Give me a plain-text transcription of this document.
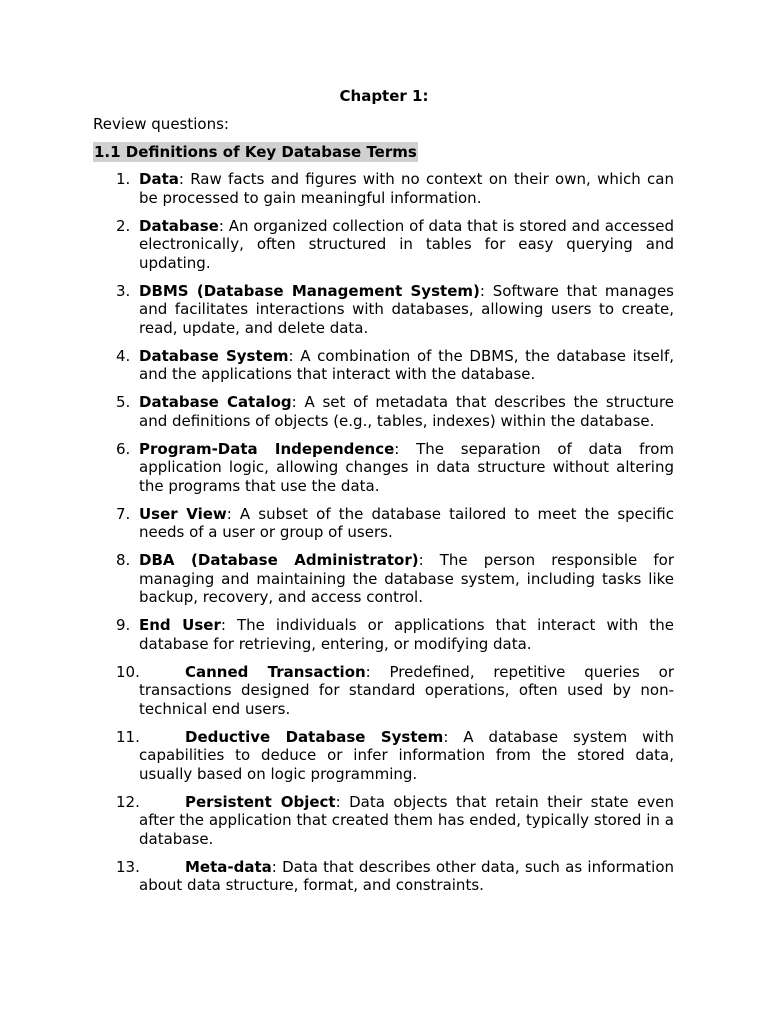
Chapter 1:
Review questions:
1.1 Definitions of Key Database Terms
1. Data: Raw facts and figures with no context on their own, which can be processed to gain meaningful information.
2. Database: An organized collection of data that is stored and accessed electronically, often structured in tables for easy querying and updating.
3. DBMS (Database Management System): Software that manages and facilitates interactions with databases, allowing users to create, read, update, and delete data.
4. Database System: A combination of the DBMS, the database itself, and the applications that interact with the database.
5. Database Catalog: A set of metadata that describes the structure and definitions of objects (e.g., tables, indexes) within the database.
6. Program-Data Independence: The separation of data from application logic, allowing changes in data structure without altering the programs that use the data.
7. User View: A subset of the database tailored to meet the specific needs of a user or group of users.
8. DBA (Database Administrator): The person responsible for managing and maintaining the database system, including tasks like backup, recovery, and access control.
9. End User: The individuals or applications that interact with the database for retrieving, entering, or modifying data.
10.	Canned Transaction: Predefined, repetitive queries or transactions designed for standard operations, often used by non-technical end users.
11.	Deductive Database System: A database system with capabilities to deduce or infer information from the stored data, usually based on logic programming.
12.	Persistent Object: Data objects that retain their state even after the application that created them has ended, typically stored in a database.
13.	Meta-data: Data that describes other data, such as information about data structure, format, and constraints.
